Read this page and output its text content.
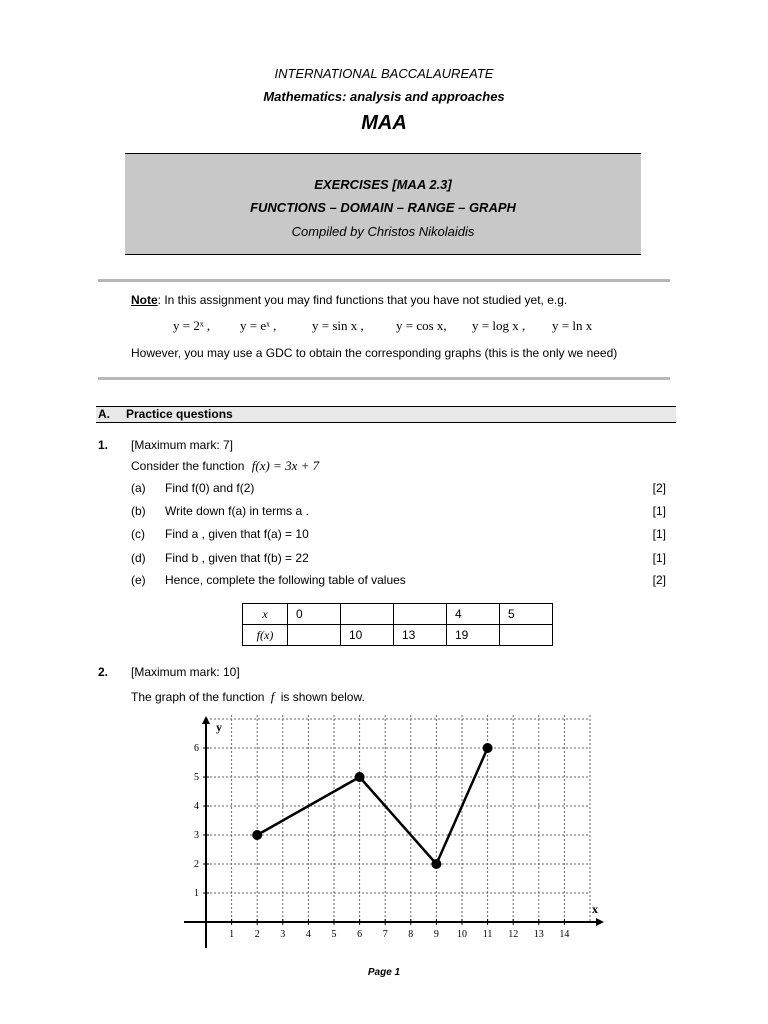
INTERNATIONAL BACCALAUREATE
Mathematics: analysis and approaches
MAA
EXERCISES [MAA 2.3]
FUNCTIONS – DOMAIN – RANGE – GRAPH
Compiled by Christos Nikolaidis
Note: In this assignment you may find functions that you have not studied yet, e.g.
y = 2ˣ , y = eˣ ,	y = sin x , y = cos x, y = log x , y = ln x
However, you may use a GDC to obtain the corresponding graphs (this is the only we need)
A. Practice questions
1. [Maximum mark: 7]
Consider the function f(x) = 3x + 7
(a) Find f(0) and f(2)	[2]
(b) Write down f(a) in terms a .	[1]
(c) Find a , given that f(a) = 10	[1]
(d) Find b , given that f(b) = 22	[1]
(e) Hence, complete the following table of values	[2]
x	0			4	5
f(x)		10	13	19	
2. [Maximum mark: 10]
The graph of the function f is shown below.
y
x
1 2 3 4 5 6 7 8 9 10 11 12 13 14
1
2
3
4
5
6
Page 1
